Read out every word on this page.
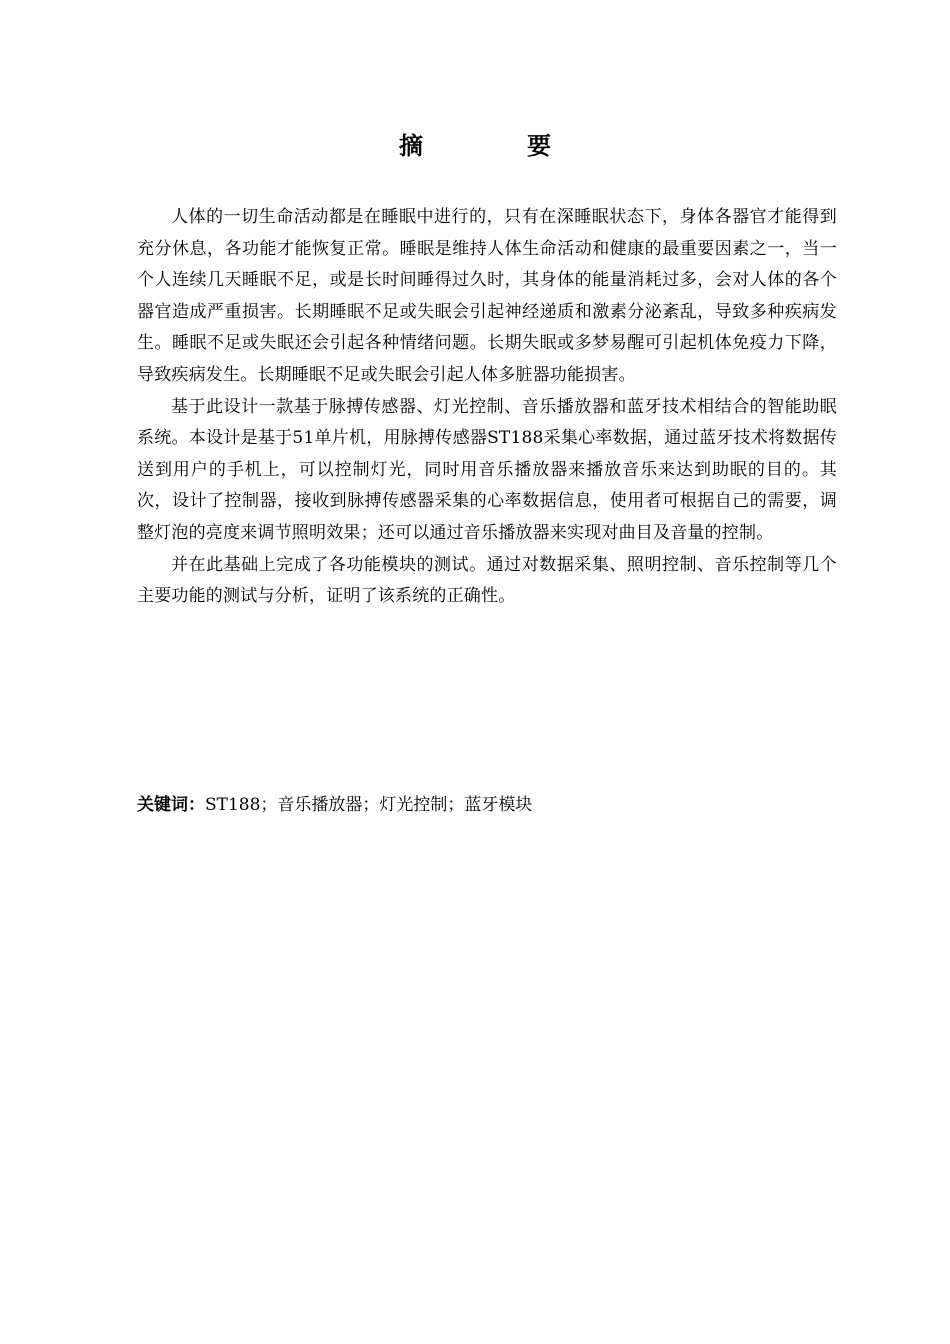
摘　要

人体的一切生命活动都是在睡眠中进行的，只有在深睡眠状态下，身体各器官才能得到充分休息，各功能才能恢复正常。睡眠是维持人体生命活动和健康的最重要因素之一，当一个人连续几天睡眠不足，或是长时间睡得过久时，其身体的能量消耗过多，会对人体的各个器官造成严重损害。长期睡眠不足或失眠会引起神经递质和激素分泌紊乱，导致多种疾病发生。睡眠不足或失眠还会引起各种情绪问题。长期失眠或多梦易醒可引起机体免疫力下降，导致疾病发生。长期睡眠不足或失眠会引起人体多脏器功能损害。

基于此设计一款基于脉搏传感器、灯光控制、音乐播放器和蓝牙技术相结合的智能助眠系统。本设计是基于51单片机，用脉搏传感器ST188采集心率数据，通过蓝牙技术将数据传送到用户的手机上，可以控制灯光，同时用音乐播放器来播放音乐来达到助眠的目的。其次，设计了控制器，接收到脉搏传感器采集的心率数据信息，使用者可根据自己的需要，调整灯泡的亮度来调节照明效果；还可以通过音乐播放器来实现对曲目及音量的控制。

并在此基础上完成了各功能模块的测试。通过对数据采集、照明控制、音乐控制等几个主要功能的测试与分析，证明了该系统的正确性。

关键词：ST188；音乐播放器；灯光控制；蓝牙模块
